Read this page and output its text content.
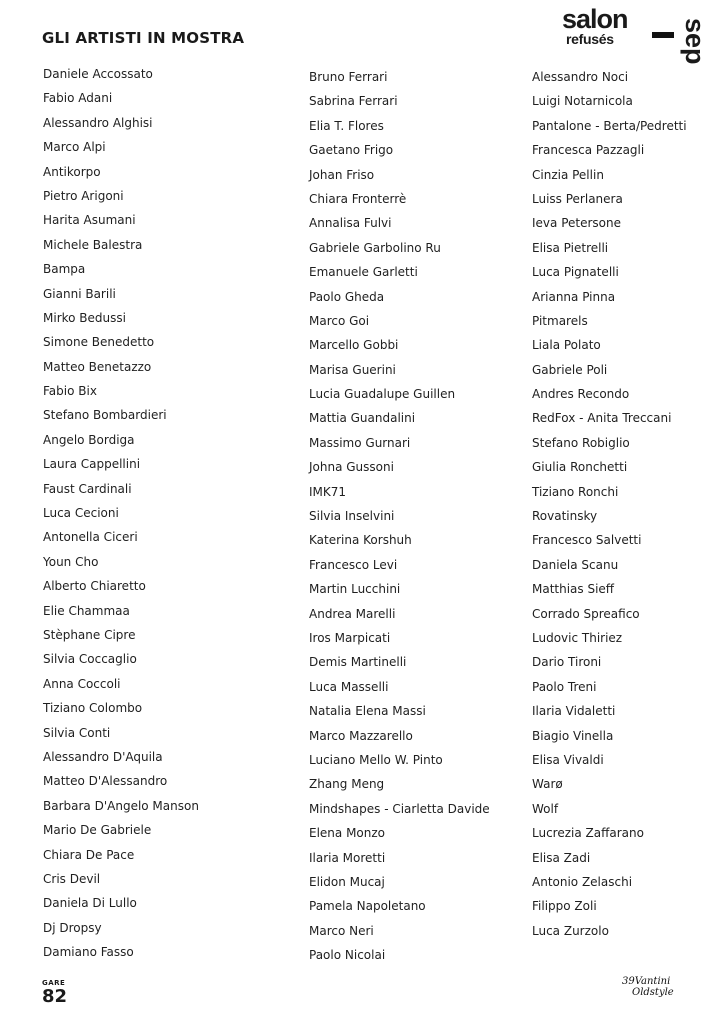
GLI ARTISTI IN MOSTRA
salon
refusés sep
Daniele Accossato
Fabio Adani
Alessandro Alghisi
Marco Alpi
Antikorpo
Pietro Arigoni
Harita Asumani
Michele Balestra
Bampa
Gianni Barili
Mirko Bedussi
Simone Benedetto
Matteo Benetazzo
Fabio Bix
Stefano Bombardieri
Angelo Bordiga
Laura Cappellini
Faust Cardinali
Luca Cecioni
Antonella Ciceri
Youn Cho
Alberto Chiaretto
Elie Chammaa
Stèphane Cipre
Silvia Coccaglio
Anna Coccoli
Tiziano Colombo
Silvia Conti
Alessandro D'Aquila
Matteo D'Alessandro
Barbara D'Angelo Manson
Mario De Gabriele
Chiara De Pace
Cris Devil
Daniela Di Lullo
Dj Dropsy
Damiano Fasso
Bruno Ferrari
Sabrina Ferrari
Elia T. Flores
Gaetano Frigo
Johan Friso
Chiara Fronterrè
Annalisa Fulvi
Gabriele Garbolino Ru
Emanuele Garletti
Paolo Gheda
Marco Goi
Marcello Gobbi
Marisa Guerini
Lucia Guadalupe Guillen
Mattia Guandalini
Massimo Gurnari
Johna Gussoni
IMK71
Silvia Inselvini
Katerina Korshuh
Francesco Levi
Martin Lucchini
Andrea Marelli
Iros Marpicati
Demis Martinelli
Luca Masselli
Natalia Elena Massi
Marco Mazzarello
Luciano Mello W. Pinto
Zhang Meng
Mindshapes - Ciarletta Davide
Elena Monzo
Ilaria Moretti
Elidon Mucaj
Pamela Napoletano
Marco Neri
Paolo Nicolai
Alessandro Noci
Luigi Notarnicola
Pantalone - Berta/Pedretti
Francesca Pazzagli
Cinzia Pellin
Luiss Perlanera
Ieva Petersone
Elisa Pietrelli
Luca Pignatelli
Arianna Pinna
Pitmarels
Liala Polato
Gabriele Poli
Andres Recondo
RedFox - Anita Treccani
Stefano Robiglio
Giulia Ronchetti
Tiziano Ronchi
Rovatinsky
Francesco Salvetti
Daniela Scanu
Matthias Sieff
Corrado Spreafico
Ludovic Thiriez
Dario Tironi
Paolo Treni
Ilaria Vidaletti
Biagio Vinella
Elisa Vivaldi
Warø
Wolf
Lucrezia Zaffarano
Elisa Zadi
Antonio Zelaschi
Filippo Zoli
Luca Zurzolo
GARE
82
39Vantini
Oldstyle
